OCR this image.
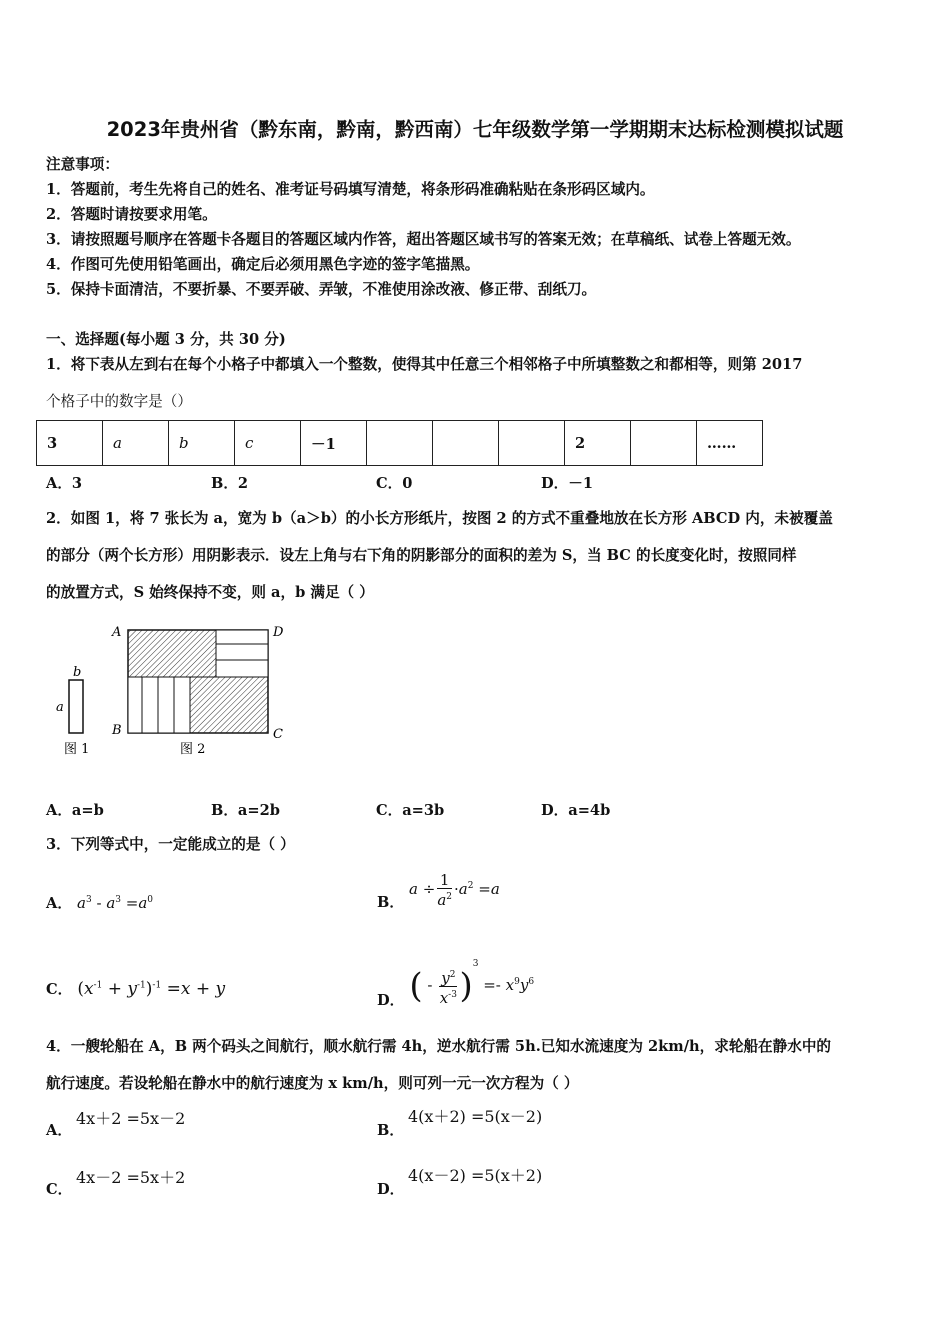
2023年贵州省（黔东南，黔南，黔西南）七年级数学第一学期期末达标检测模拟试题
注意事项：
1．答题前，考生先将自己的姓名、准考证号码填写清楚，将条形码准确粘贴在条形码区域内。
2．答题时请按要求用笔。
3．请按照题号顺序在答题卡各题目的答题区域内作答，超出答题区域书写的答案无效；在草稿纸、试卷上答题无效。
4．作图可先使用铅笔画出，确定后必须用黑色字迹的签字笔描黑。
5．保持卡面清洁，不要折暴、不要弄破、弄皱，不准使用涂改液、修正带、刮纸刀。
一、选择题(每小题 3 分，共 30 分)
1．将下表从左到右在每个小格子中都填入一个整数，使得其中任意三个相邻格子中所填整数之和都相等，则第 2017
个格子中的数字是（）
3	a	b	c	－1				2		……
A．3	B．2	C．0	D．－1
2．如图 1，将 7 张长为 a，宽为 b（a＞b）的小长方形纸片，按图 2 的方式不重叠地放在长方形 ABCD 内，未被覆盖
的部分（两个长方形）用阴影表示．设左上角与右下角的阴影部分的面积的差为 S，当 BC 的长度变化时，按照同样
的放置方式，S 始终保持不变，则 a，b 满足（ ）
b
a
图 1
A	D
B	C
图 2
A．a=b	B．a=2b	C．a=3b	D．a=4b
3．下列等式中，一定能成立的是（ ）
A． $a^3 - a^3 =a^0$	B． $a \div \frac{1}{a^2} \cdot a^2 =a$
C． $(x^{-1} + y^{-1})^{-1} =x + y$
D． ( - $\frac{y^2}{x^{-3}} )^3 =- x^9y^6$
4．一艘轮船在 A，B 两个码头之间航行，顺水航行需 4h，逆水航行需 5h.已知水流速度为 2km/h，求轮船在静水中的
航行速度。若设轮船在静水中的航行速度为 x km/h，则可列一元一次方程为（ ）
A．
4x＋2 =5x－2
B．
4(x＋2) =5(x－2)
C．
4x－2 =5x＋2
D．
4(x－2) =5(x＋2)
